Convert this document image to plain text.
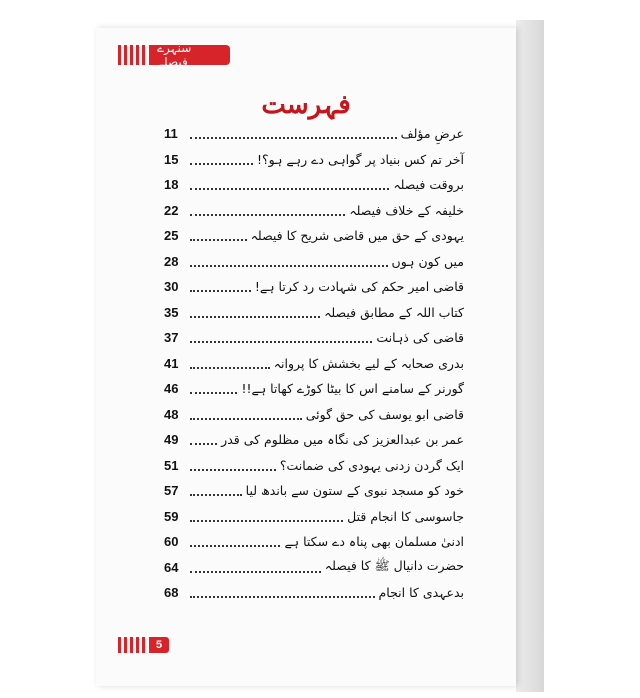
سنہرے فیصلے
فہرست
11	عرضِ مؤلف
15	آخر تم کس بنیاد پر گواہی دے رہے ہو؟!
18	بروقت فیصلہ
22	خلیفہ کے خلاف فیصلہ
25	یہودی کے حق میں قاضی شریح کا فیصلہ
28	میں کون ہوں
30	قاضی امیر حکم کی شہادت رد کرتا ہے!
35	کتاب اللہ کے مطابق فیصلہ
37	قاضی کی ذہانت
41	بدری صحابہ کے لیے بخشش کا پروانہ
46	گورنر کے سامنے اس کا بیٹا کوڑے کھاتا ہے!!
48	قاضی ابو یوسف کی حق گوئی
49	عمر بن عبدالعزیز کی نگاہ میں مظلوم کی قدر
51	ایک گردن زدنی یہودی کی ضمانت؟
57	خود کو مسجد نبوی کے ستون سے باندھ لیا
59	جاسوسی کا انجام قتل
60	ادنیٰ مسلمان بھی پناہ دے سکتا ہے
64	حضرت دانیال ﷺ کا فیصلہ
68	بدعہدی کا انجام
5
